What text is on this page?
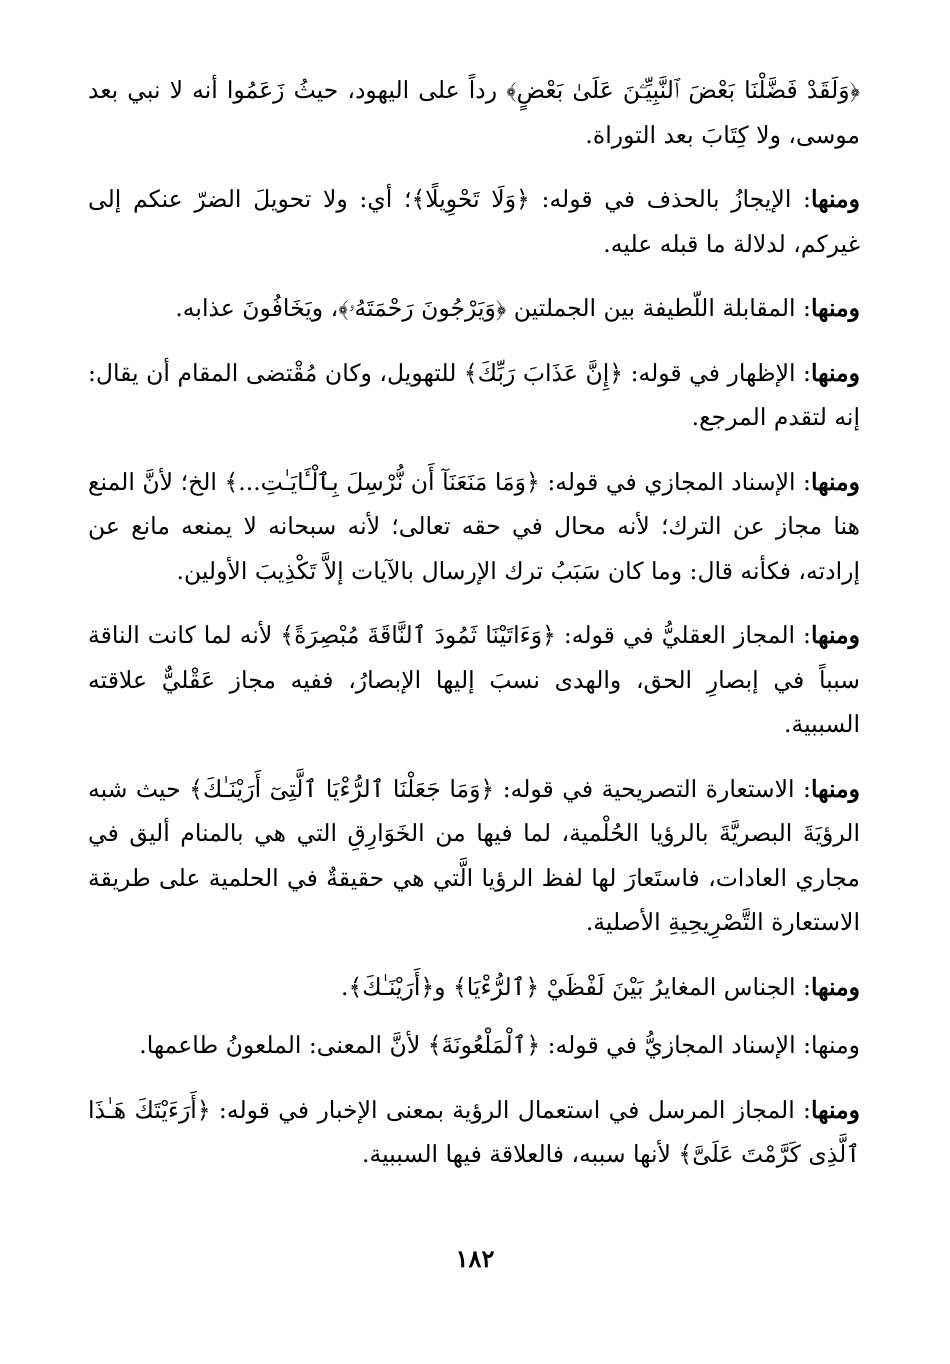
﴿وَلَقَدْ فَضَّلْنَا بَعْضَ ٱلنَّبِيِّـۧنَ عَلَىٰ بَعْضٍ﴾ رداً على اليهود، حيثُ زَعَمُوا أنه لا نبي بعد موسى، ولا كِتَابَ بعد التوراة.

ومنها: الإيجازُ بالحذف في قوله: ﴿وَلَا تَحْوِيلًا﴾؛ أي: ولا تحويلَ الضرّ عنكم إلى غيركم، لدلالة ما قبله عليه.

ومنها: المقابلة اللّطيفة بين الجملتين ﴿وَيَرْجُونَ رَحْمَتَهُۥ﴾، ويَخَافُونَ عذابه.

ومنها: الإظهار في قوله: ﴿إِنَّ عَذَابَ رَبِّكَ﴾ للتهويل، وكان مُقْتضى المقام أن يقال: إنه لتقدم المرجع.

ومنها: الإسناد المجازي في قوله: ﴿وَمَا مَنَعَنَآ أَن نُّرْسِلَ بِٱلْـَٔايَـٰتِ...﴾ الخ؛ لأنَّ المنع هنا مجاز عن الترك؛ لأنه محال في حقه تعالى؛ لأنه سبحانه لا يمنعه مانع عن إرادته، فكأنه قال: وما كان سَبَبُ ترك الإرسال بالآيات إلاَّ تَكْذِيبَ الأولين.

ومنها: المجاز العقليُّ في قوله: ﴿وَءَاتَيْنَا ثَمُودَ ٱلنَّاقَةَ مُبْصِرَةً﴾ لأنه لما كانت الناقة سبباً في إبصارِ الحق، والهدى نسبَ إليها الإبصارُ، ففيه مجاز عَقْليٌّ علاقته السببية.

ومنها: الاستعارة التصريحية في قوله: ﴿وَمَا جَعَلْنَا ٱلرُّءْيَا ٱلَّتِىٓ أَرَيْنَـٰكَ﴾ حيث شبه الرؤيَةَ البصريَّةَ بالرؤيا الحُلْمية، لما فيها من الخَوَارِقِ التي هي بالمنام أليق في مجاري العادات، فاستَعارَ لها لفظ الرؤيا الَّتي هي حقيقةٌ في الحلمية على طريقة الاستعارة التَّصْرِيحِيةِ الأصلية.

ومنها: الجناس المغايرُ بَيْنَ لَفْظَيْ ﴿ٱلرُّءْيَا﴾ و﴿أَرَيْنَـٰكَ﴾.

ومنها: الإسناد المجازيُّ في قوله: ﴿ٱلْمَلْعُونَةَ﴾ لأنَّ المعنى: الملعونُ طاعمها.

ومنها: المجاز المرسل في استعمال الرؤية بمعنى الإخبار في قوله: ﴿أَرَءَيْتَكَ هَـٰذَا ٱلَّذِى كَرَّمْتَ عَلَىَّ﴾ لأنها سببه، فالعلاقة فيها السببية.

١٨٢
